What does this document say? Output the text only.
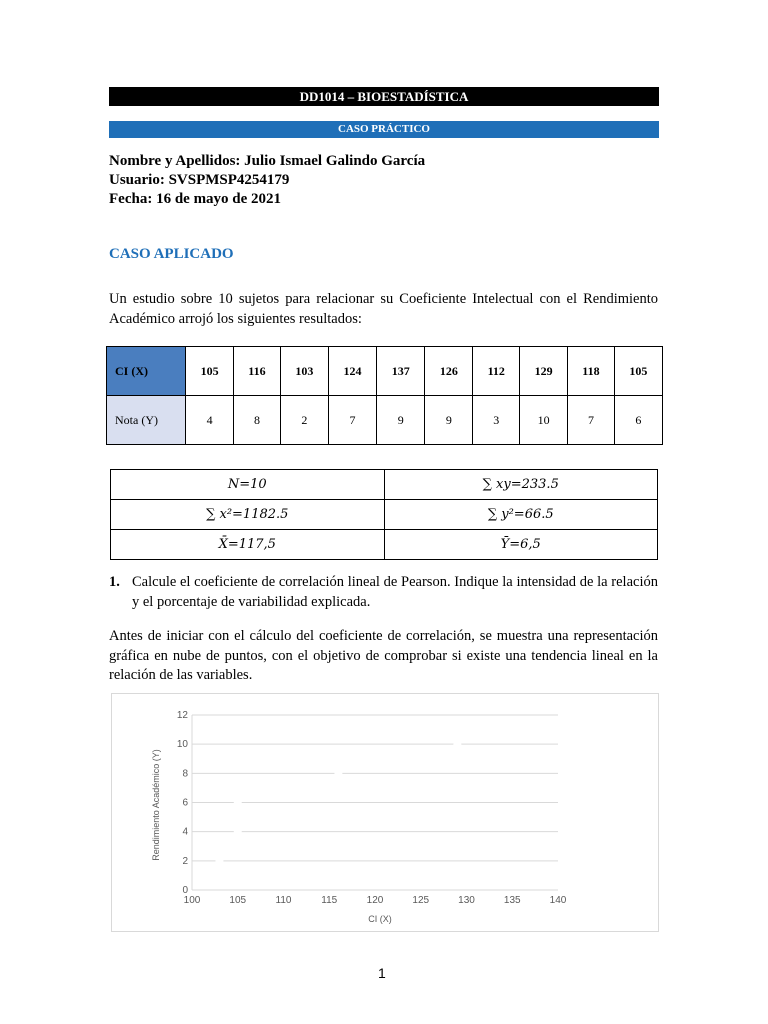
DD1014 – BIOESTADÍSTICA
CASO PRÁCTICO
Nombre y Apellidos: Julio Ismael Galindo García
Usuario: SVSPMSP4254179
Fecha: 16 de mayo de 2021
CASO APLICADO
Un estudio sobre 10 sujetos para relacionar su Coeficiente Intelectual con el Rendimiento Académico arrojó los siguientes resultados:
CI (X)	105	116	103	124	137	126	112	129	118	105
Nota (Y)	4	8	2	7	9	9	3	10	7	6
N=10	∑ xy=233.5
∑ x²=1182.5	∑ y²=66.5
X̄=117,5	Ȳ=6,5
1. Calcule el coeficiente de correlación lineal de Pearson. Indique la intensidad de la relación y el porcentaje de variabilidad explicada.
Antes de iniciar con el cálculo del coeficiente de correlación, se muestra una representación gráfica en nube de puntos, con el objetivo de comprobar si existe una tendencia lineal en la relación de las variables.
0
2
4
6
8
10
12
100	105	110	115	120	125	130	135	140
CI (X)
Rendimiento Académico (Y)
1
